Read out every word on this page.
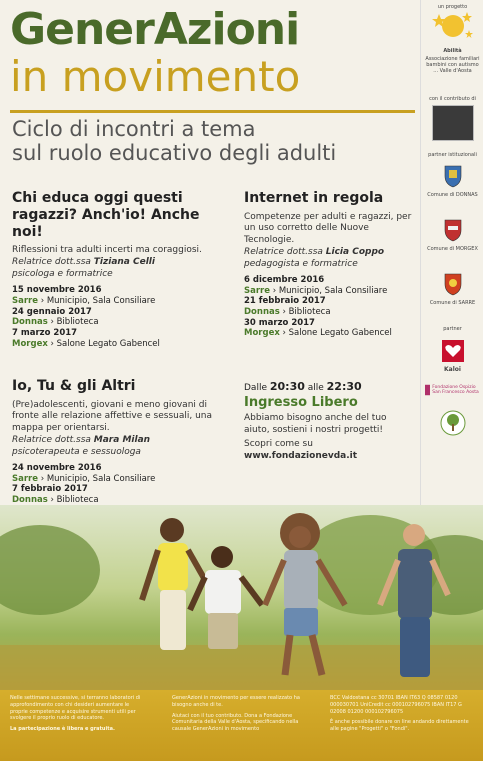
GenerAzioni
in movimento
Ciclo di incontri a tema
sul ruolo educativo degli adulti
un progetto
Abilità
Associazione familiari bambini con autismo ... Valle d'Aosta
con il contributo di
partner istituzionali
Comune di DONNAS
Comune di MORGEX
Comune di SARRE
partner
Kaloi
Fondazione Ospizio San Francesco Aosta
Chi educa oggi questi ragazzi? Anch'io! Anche noi!
Riflessioni tra adulti incerti ma coraggiosi.
Relatrice dott.ssa Tiziana Celli
psicologa e formatrice
15 novembre 2016
Sarre › Municipio, Sala Consiliare
24 gennaio 2017
Donnas › Biblioteca
7 marzo 2017
Morgex › Salone Legato Gabencel
Internet in regola
Competenze per adulti e ragazzi, per un uso corretto delle Nuove Tecnologie.
Relatrice dott.ssa Licia Coppo
pedagogista e formatrice
6 dicembre 2016
Sarre › Municipio, Sala Consiliare
21 febbraio 2017
Donnas › Biblioteca
30 marzo 2017
Morgex › Salone Legato Gabencel
Io, Tu & gli Altri
(Pre)adolescenti, giovani e meno giovani di fronte alle relazione affettive e sessuali, una mappa per orientarsi.
Relatrice dott.ssa Mara Milan
psicoterapeuta e sessuologa
24 novembre 2016
Sarre › Municipio, Sala Consiliare
7 febbraio 2017
Donnas › Biblioteca
Dalle 20:30 alle 22:30
Ingresso Libero
Abbiamo bisogno anche del tuo aiuto, sostieni i nostri progetti!
Scopri come su www.fondazionevda.it
Nelle settimane successive, si terranno laboratori di approfondimento con chi desideri aumentare le proprie competenze e acquisire strumenti utili per svolgere il proprio ruolo di educatore.
La partecipazione è libera e gratuita.
GenerAzioni in movimento per essere realizzato ha bisogno anche di te.
Aiutaci con il tuo contributo. Dona a Fondazione Comunitaria della Valle d'Aosta, specificando nella causale GenerAzioni in movimento
BCC Valdostana cc 30701 IBAN IT63 Q 08587 0120 000030701 UniCredit cc 000102796075 IBAN IT17 G 02008 01200 000102796075
È anche possibile donare on line andando direttamente alle pagine "Progetti" o "Fondi".
